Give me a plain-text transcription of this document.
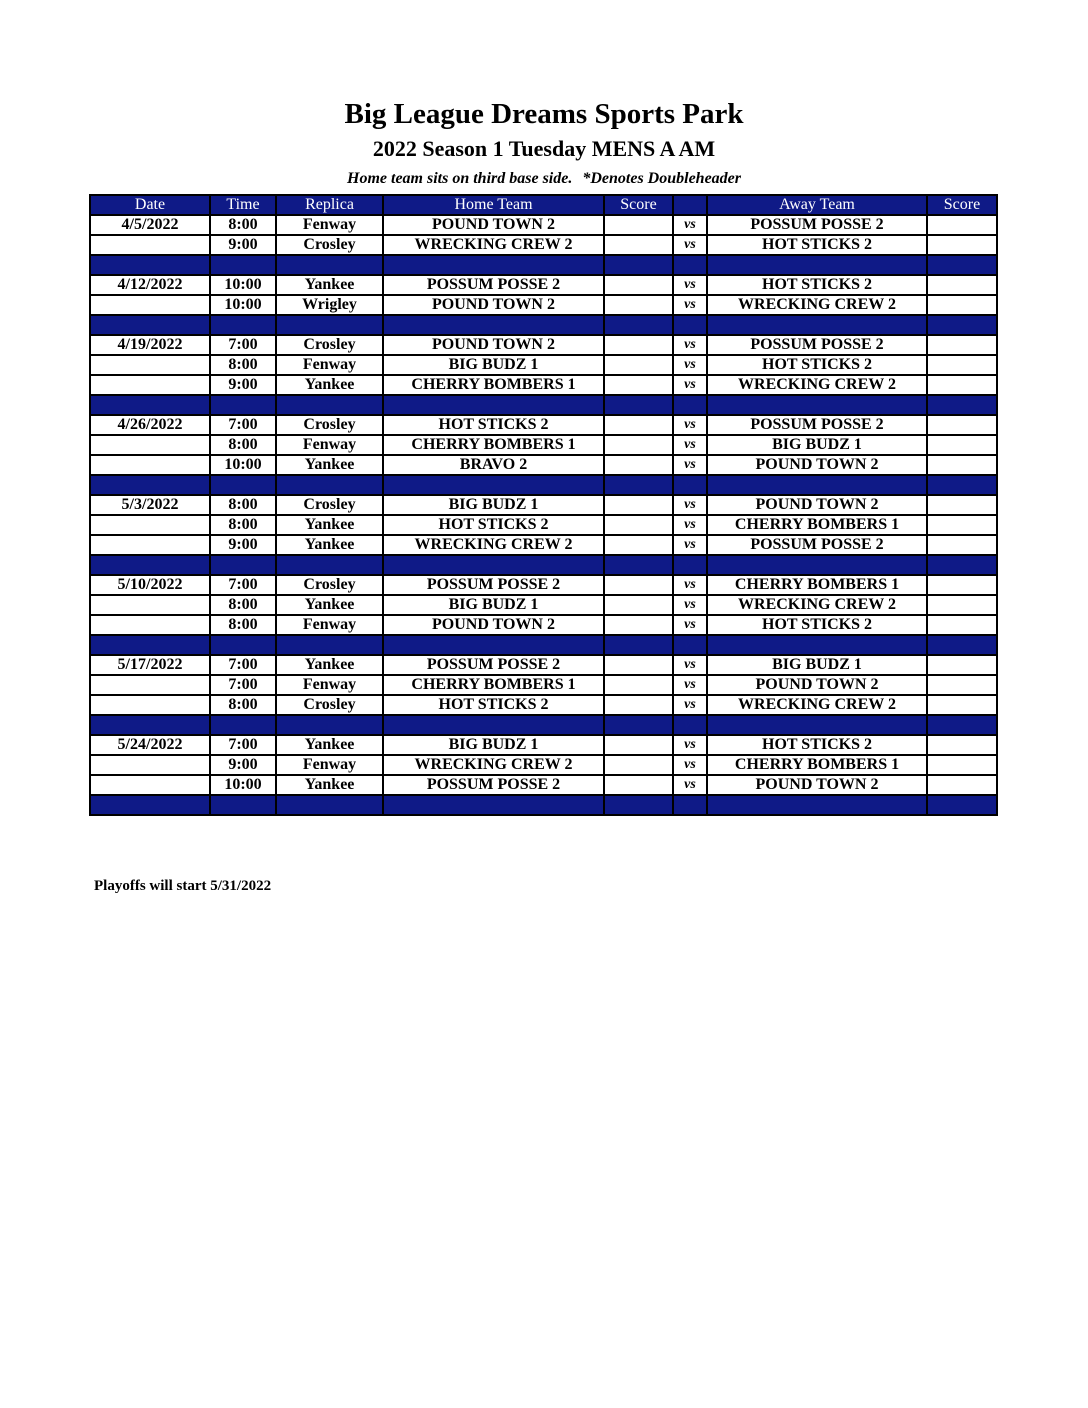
Big League Dreams Sports Park
2022 Season 1 Tuesday MENS A AM
Home team sits on third base side. *Denotes Doubleheader
Date	Time	Replica	Home Team	Score		Away Team	Score
4/5/2022	8:00	Fenway	POUND TOWN 2		vs	POSSUM POSSE 2	
	9:00	Crosley	WRECKING CREW 2		vs	HOT STICKS 2	

4/12/2022	10:00	Yankee	POSSUM POSSE 2		vs	HOT STICKS 2	
	10:00	Wrigley	POUND TOWN 2		vs	WRECKING CREW 2	

4/19/2022	7:00	Crosley	POUND TOWN 2		vs	POSSUM POSSE 2	
	8:00	Fenway	BIG BUDZ 1		vs	HOT STICKS 2	
	9:00	Yankee	CHERRY BOMBERS 1		vs	WRECKING CREW 2	

4/26/2022	7:00	Crosley	HOT STICKS 2		vs	POSSUM POSSE 2	
	8:00	Fenway	CHERRY BOMBERS 1		vs	BIG BUDZ 1	
	10:00	Yankee	BRAVO 2		vs	POUND TOWN 2	

5/3/2022	8:00	Crosley	BIG BUDZ 1		vs	POUND TOWN 2	
	8:00	Yankee	HOT STICKS 2		vs	CHERRY BOMBERS 1	
	9:00	Yankee	WRECKING CREW 2		vs	POSSUM POSSE 2	

5/10/2022	7:00	Crosley	POSSUM POSSE 2		vs	CHERRY BOMBERS 1	
	8:00	Yankee	BIG BUDZ 1		vs	WRECKING CREW 2	
	8:00	Fenway	POUND TOWN 2		vs	HOT STICKS 2	

5/17/2022	7:00	Yankee	POSSUM POSSE 2		vs	BIG BUDZ 1	
	7:00	Fenway	CHERRY BOMBERS 1		vs	POUND TOWN 2	
	8:00	Crosley	HOT STICKS 2		vs	WRECKING CREW 2	

5/24/2022	7:00	Yankee	BIG BUDZ 1		vs	HOT STICKS 2	
	9:00	Fenway	WRECKING CREW 2		vs	CHERRY BOMBERS 1	
	10:00	Yankee	POSSUM POSSE 2		vs	POUND TOWN 2	

Playoffs will start 5/31/2022
